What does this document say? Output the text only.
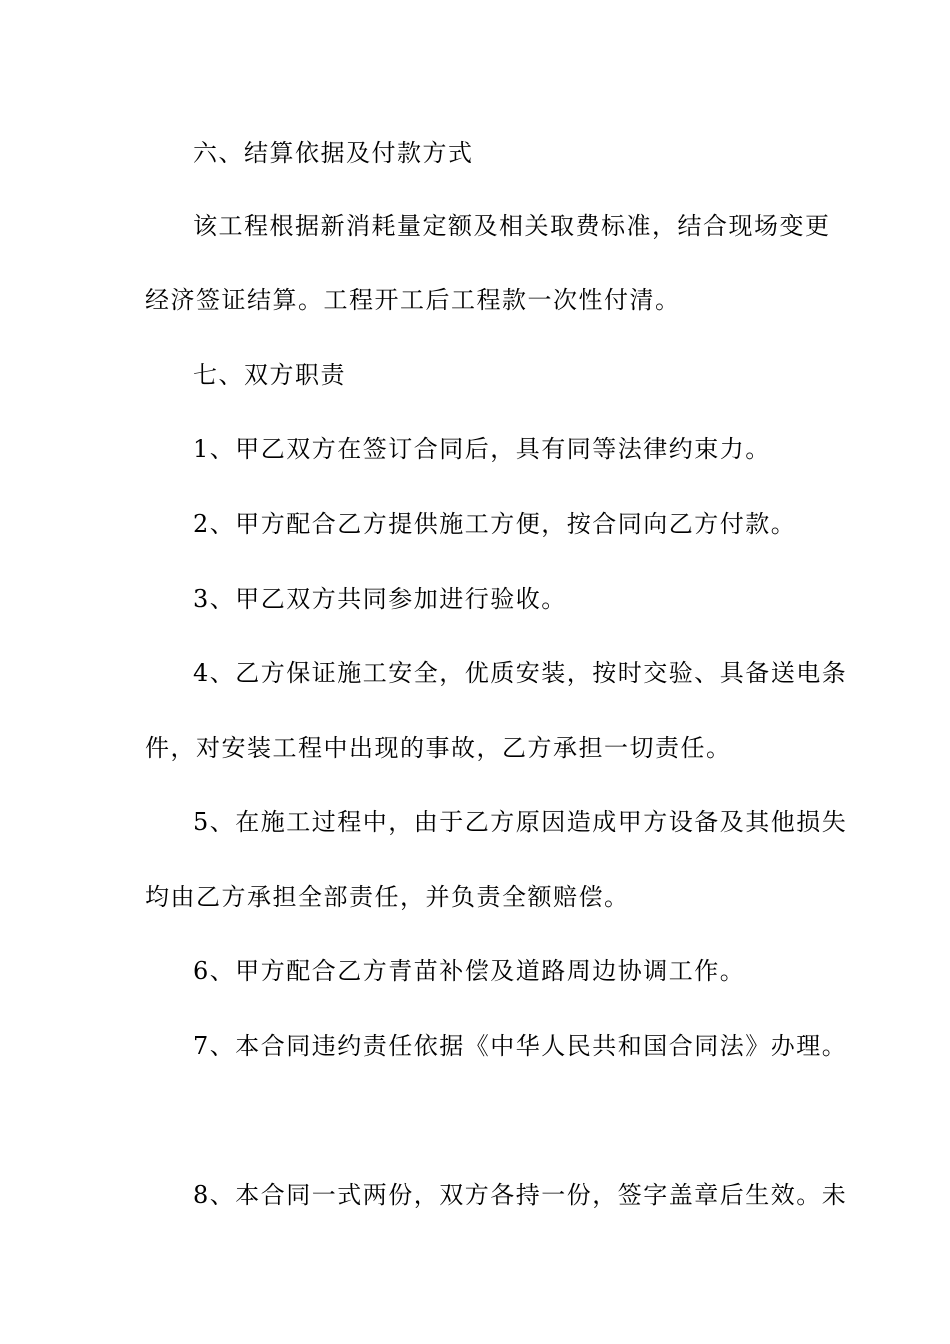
六、结算依据及付款方式
该工程根据新消耗量定额及相关取费标准，结合现场变更
经济签证结算。工程开工后工程款一次性付清。
七、双方职责
1、甲乙双方在签订合同后，具有同等法律约束力。
2、甲方配合乙方提供施工方便，按合同向乙方付款。
3、甲乙双方共同参加进行验收。
4、乙方保证施工安全，优质安装，按时交验、具备送电条
件，对安装工程中出现的事故，乙方承担一切责任。
5、在施工过程中，由于乙方原因造成甲方设备及其他损失
均由乙方承担全部责任，并负责全额赔偿。
6、甲方配合乙方青苗补偿及道路周边协调工作。
7、本合同违约责任依据《中华人民共和国合同法》办理。
8、本合同一式两份，双方各持一份，签字盖章后生效。未
